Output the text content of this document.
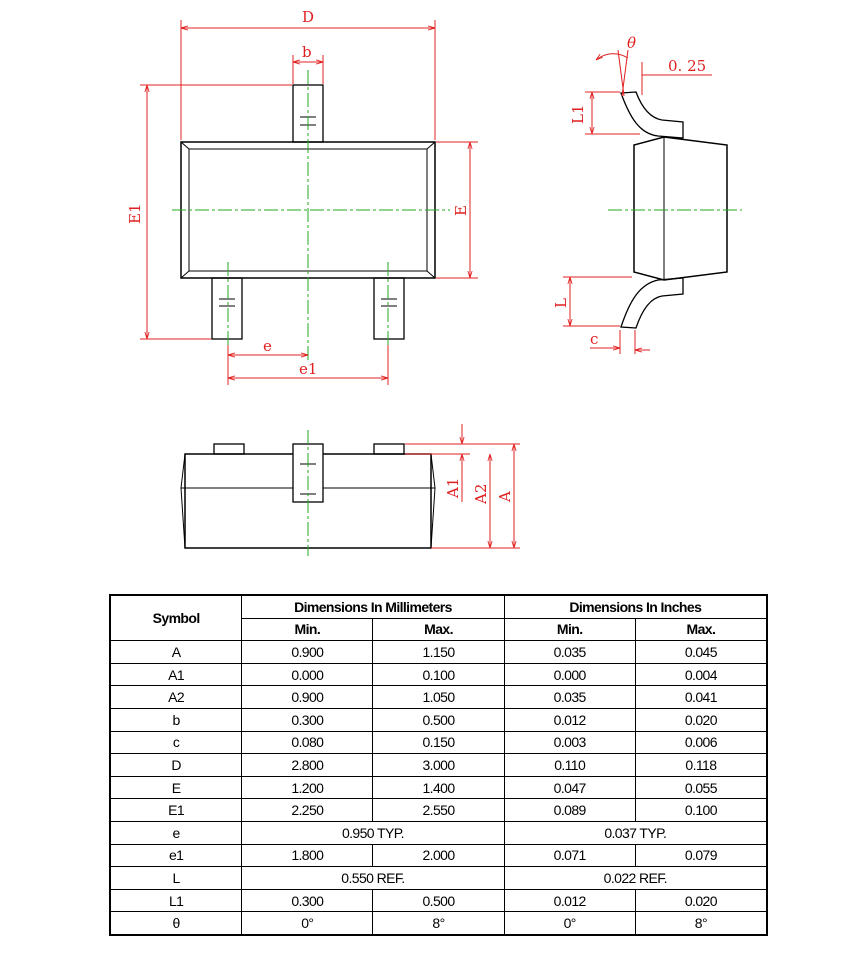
D
b
E1	E
e
e1
θ
0. 25
L1
L
c
A1 A2 A
Symbol	Dimensions In Millimeters		Dimensions In Inches	
	Min.	Max.	Min.	Max.
A	0.900	1.150	0.035	0.045
A1	0.000	0.100	0.000	0.004
A2	0.900	1.050	0.035	0.041
b	0.300	0.500	0.012	0.020
c	0.080	0.150	0.003	0.006
D	2.800	3.000	0.110	0.118
E	1.200	1.400	0.047	0.055
E1	2.250	2.550	0.089	0.100
e	0.950 TYP.		0.037 TYP.	
e1	1.800	2.000	0.071	0.079
L	0.550 REF.		0.022 REF.	
L1	0.300	0.500	0.012	0.020
θ	0°	8°	0°	8°
